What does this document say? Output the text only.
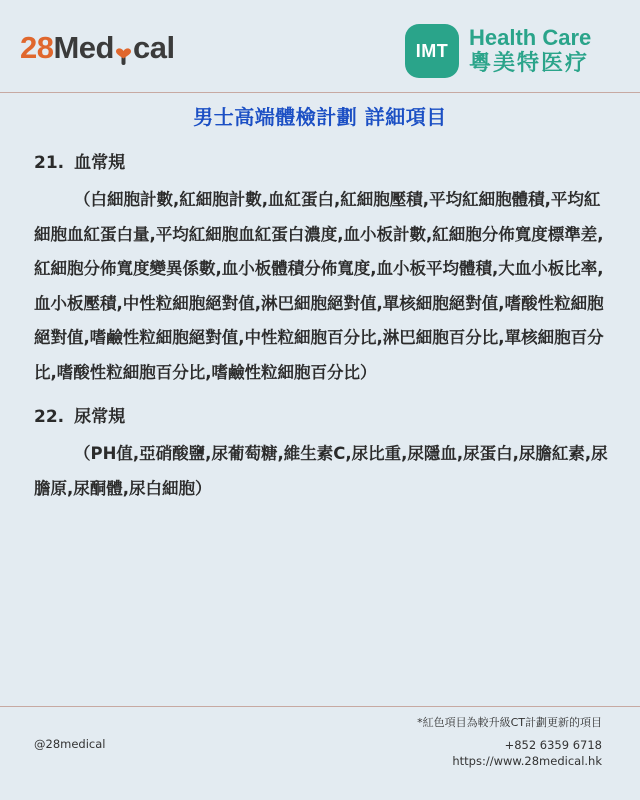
28 Med cal	IMT
Health Care
粵美特医疗
男士高端體檢計劃 詳細項目
21. 血常規

（白細胞計數,紅細胞計數,血紅蛋白,紅細胞壓積,平均紅細胞體積,平均紅細胞血紅蛋白量,平均紅細胞血紅蛋白濃度,血小板計數,紅細胞分佈寬度標準差,紅細胞分佈寬度變異係數,血小板體積分佈寬度,血小板平均體積,大血小板比率,血小板壓積,中性粒細胞絕對值,淋巴細胞絕對值,單核細胞絕對值,嗜酸性粒細胞絕對值,嗜鹼性粒細胞絕對值,中性粒細胞百分比,淋巴細胞百分比,單核細胞百分比,嗜酸性粒細胞百分比,嗜鹼性粒細胞百分比）

22. 尿常規

（PH值,亞硝酸鹽,尿葡萄糖,維生素C,尿比重,尿隱血,尿蛋白,尿膽紅素,尿膽原,尿酮體,尿白細胞）

*紅色項目為較升級CT計劃更新的項目
@28medical	+852 6359 6718
https://www.28medical.hk
